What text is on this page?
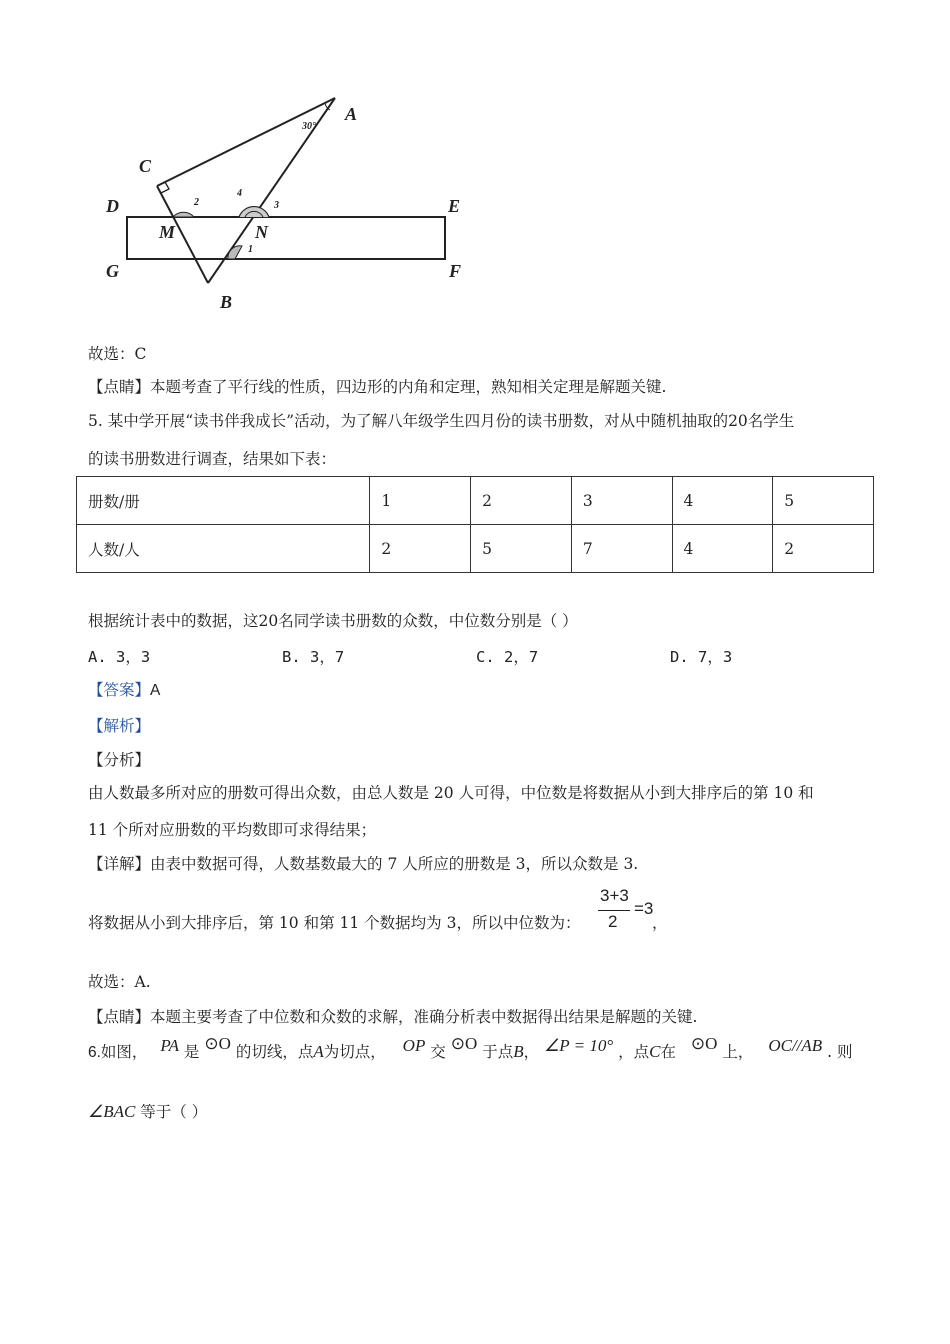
A
C
D	E
M	N
G	F
B
30°
2
4
3
1
故选：C
【点睛】本题考查了平行线的性质，四边形的内角和定理，熟知相关定理是解题关键.
5. 某中学开展“读书伴我成长”活动，为了解八年级学生四月份的读书册数，对从中随机抽取的20名学生
的读书册数进行调查，结果如下表：
册数/册	1	2	3	4	5
人数/人	2	5	7	4	2
根据统计表中的数据，这20名同学读书册数的众数，中位数分别是（ ）
A. 3，3	B. 3，7	C. 2，7	D. 7，3
【答案】A
【解析】
【分析】
由人数最多所对应的册数可得出众数，由总人数是 20 人可得，中位数是将数据从小到大排序后的第 10 和
11 个所对应册数的平均数即可求得结果；
【详解】由表中数据可得，人数基数最大的 7 人所应的册数是 3，所以众数是 3.
将数据从小到大排序后，第 10 和第 11 个数据均为 3，所以中位数为：
3+3
2
=3
，
故选：A.
【点睛】本题主要考查了中位数和众数的求解，准确分析表中数据得出结果是解题的关键.
6.如图， PA 是 ⊙O 的切线，点A为切点， OP 交 ⊙O 于点B， ∠P = 10° ，点C在 ⊙O 上， OC//AB . 则
∠BAC 等于（ ）
